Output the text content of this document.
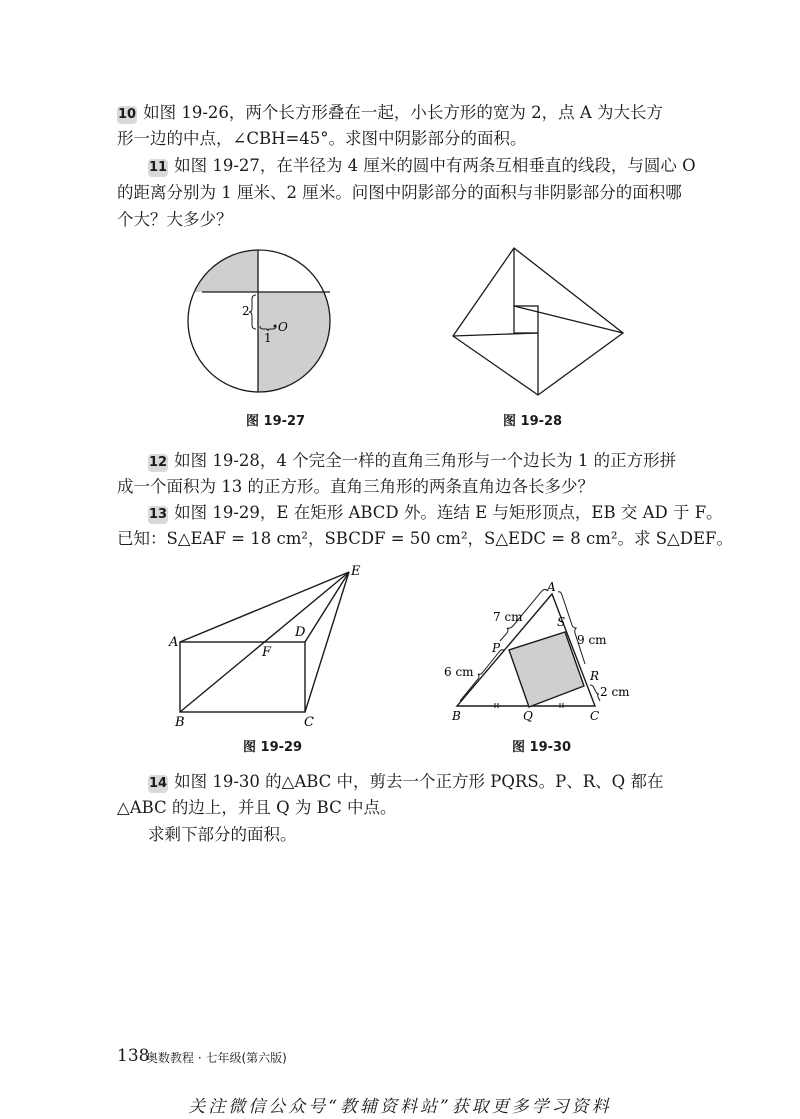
10 如图 19-26，两个长方形叠在一起，小长方形的宽为 2，点 A 为大长方
形一边的中点，∠CBH=45°。求图中阴影部分的面积。
11 如图 19-27，在半径为 4 厘米的圆中有两条互相垂直的线段，与圆心 O
的距离分别为 1 厘米、2 厘米。问图中阴影部分的面积与非阴影部分的面积哪
个大？大多少？
2
1
O
图 19-27	图 19-28
12 如图 19-28，4 个完全一样的直角三角形与一个边长为 1 的正方形拼
成一个面积为 13 的正方形。直角三角形的两条直角边各长多少？
13 如图 19-29，E 在矩形 ABCD 外。连结 E 与矩形顶点，EB 交 AD 于 F。
已知：S△EAF = 18 cm²，SBCDF = 50 cm²，S△EDC = 8 cm²。求 S△DEF。
A
B	C
D
E
F
图 19-29
A
B	C
P
Q
R
S
7 cm
9 cm
6 cm
2 cm
图 19-30
14 如图 19-30 的△ABC 中，剪去一个正方形 PQRS。P、R、Q 都在
△ABC 的边上，并且 Q 为 BC 中点。
求剩下部分的面积。
138
奥数教程 · 七年级(第六版)
关注微信公众号“教辅资料站”获取更多学习资料
